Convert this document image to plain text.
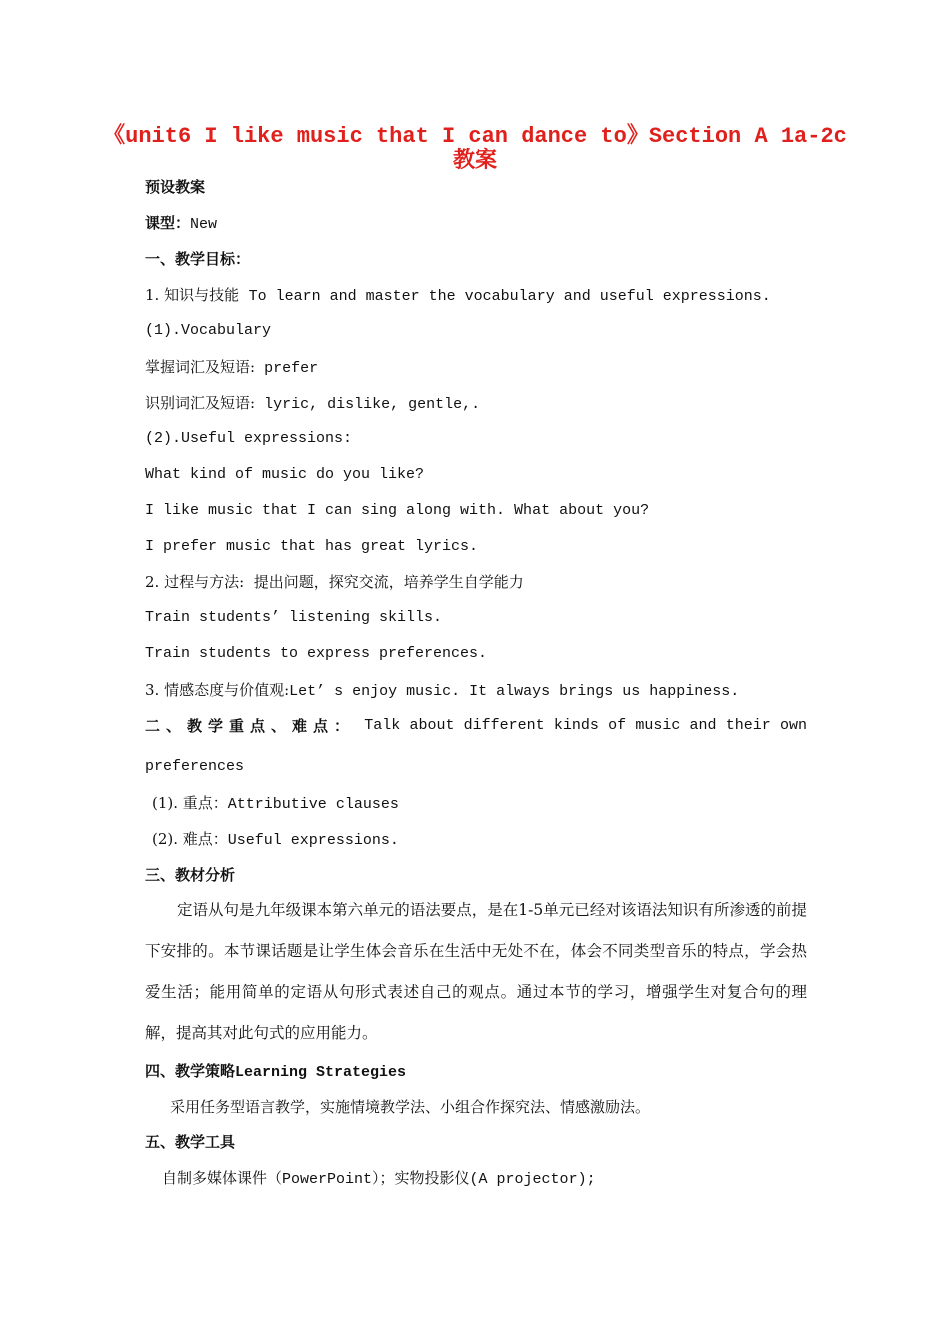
《unit6 I like music that I can dance to》Section A 1a-2c
教案
预设教案
课型：New
一、教学目标：
1. 知识与技能 To learn and master the vocabulary and useful expressions.
(1).Vocabulary
掌握词汇及短语: prefer
识别词汇及短语: lyric, dislike, gentle,.
(2).Useful expressions:
What kind of music do you like?
I like music that I can sing along with. What about you?
I prefer music that has great lyrics.
2. 过程与方法: 提出问题，探究交流，培养学生自学能力
Train students’ listening skills.
Train students to express preferences.
3. 情感态度与价值观:Let’ s enjoy music. It always brings us happiness.
二、教学重点、难点： Talk about different kinds of music and their own
preferences
(1). 重点：Attributive clauses
(2). 难点：Useful expressions.
三、教材分析

定语从句是九年级课本第六单元的语法要点，是在1-5单元已经对该语法知识有所渗透的前提下安排的。本节课话题是让学生体会音乐在生活中无处不在，体会不同类型音乐的特点，学会热爱生活；能用简单的定语从句形式表述自己的观点。通过本节的学习，增强学生对复合句的理解，提高其对此句式的应用能力。

四、教学策略Learning Strategies
采用任务型语言教学，实施情境教学法、小组合作探究法、情感激励法。
五、教学工具
自制多媒体课件（PowerPoint）；实物投影仪(A projector);
